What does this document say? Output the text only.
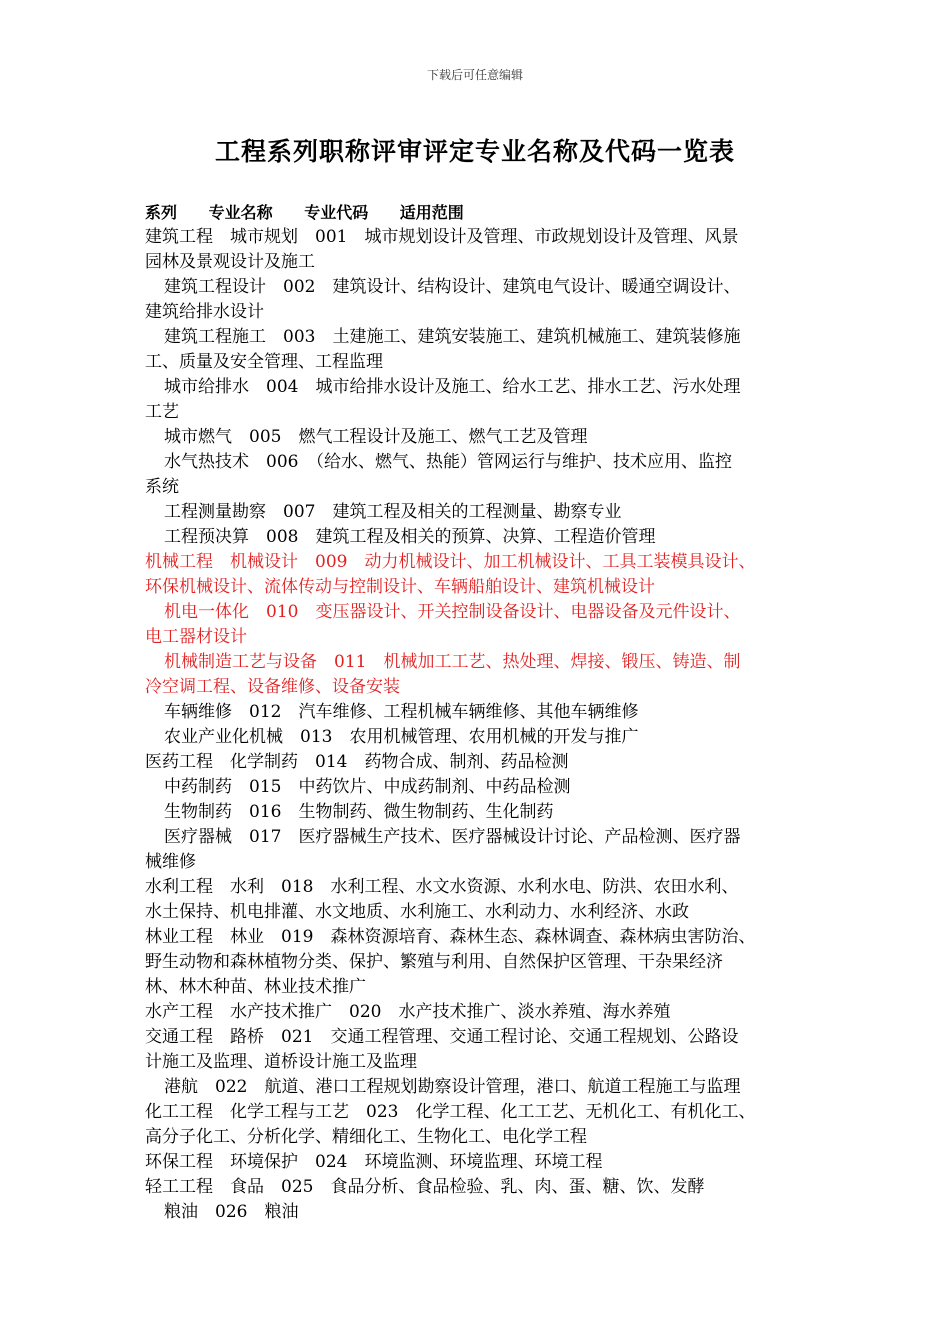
下载后可任意编辑
工程系列职称评审评定专业名称及代码一览表
系列 专业名称 专业代码 适用范围
建筑工程　城市规划　001　城市规划设计及管理、市政规划设计及管理、风景
园林及景观设计及施工
建筑工程设计　002　建筑设计、结构设计、建筑电气设计、暖通空调设计、
建筑给排水设计
建筑工程施工　003　土建施工、建筑安装施工、建筑机械施工、建筑装修施
工、质量及安全管理、工程监理
城市给排水　004　城市给排水设计及施工、给水工艺、排水工艺、污水处理
工艺
城市燃气　005　燃气工程设计及施工、燃气工艺及管理
水气热技术　006　（给水、燃气、热能）管网运行与维护、技术应用、监控
系统
工程测量勘察　007　建筑工程及相关的工程测量、勘察专业
工程预决算　008　建筑工程及相关的预算、决算、工程造价管理
机械工程　机械设计　009　动力机械设计、加工机械设计、工具工装模具设计、
环保机械设计、流体传动与控制设计、车辆船舶设计、建筑机械设计
机电一体化　010　变压器设计、开关控制设备设计、电器设备及元件设计、
电工器材设计
机械制造工艺与设备　011　机械加工工艺、热处理、焊接、锻压、铸造、制
冷空调工程、设备维修、设备安装
车辆维修　012　汽车维修、工程机械车辆维修、其他车辆维修
农业产业化机械　013　农用机械管理、农用机械的开发与推广
医药工程　化学制药　014　药物合成、制剂、药品检测
中药制药　015　中药饮片、中成药制剂、中药品检测
生物制药　016　生物制药、微生物制药、生化制药
医疗器械　017　医疗器械生产技术、医疗器械设计讨论、产品检测、医疗器
械维修
水利工程　水利　018　水利工程、水文水资源、水利水电、防洪、农田水利、
水土保持、机电排灌、水文地质、水利施工、水利动力、水利经济、水政
林业工程　林业　019　森林资源培育、森林生态、森林调查、森林病虫害防治、
野生动物和森林植物分类、保护、繁殖与利用、自然保护区管理、干杂果经济
林、林木种苗、林业技术推广
水产工程　水产技术推广　020　水产技术推广、淡水养殖、海水养殖
交通工程　路桥　021　交通工程管理、交通工程讨论、交通工程规划、公路设
计施工及监理、道桥设计施工及监理
港航　022　航道、港口工程规划勘察设计管理，港口、航道工程施工与监理
化工工程　化学工程与工艺　023　化学工程、化工工艺、无机化工、有机化工、
高分子化工、分析化学、精细化工、生物化工、电化学工程
环保工程　环境保护　024　环境监测、环境监理、环境工程
轻工工程　食品　025　食品分析、食品检验、乳、肉、蛋、糖、饮、发酵
粮油　026　粮油
